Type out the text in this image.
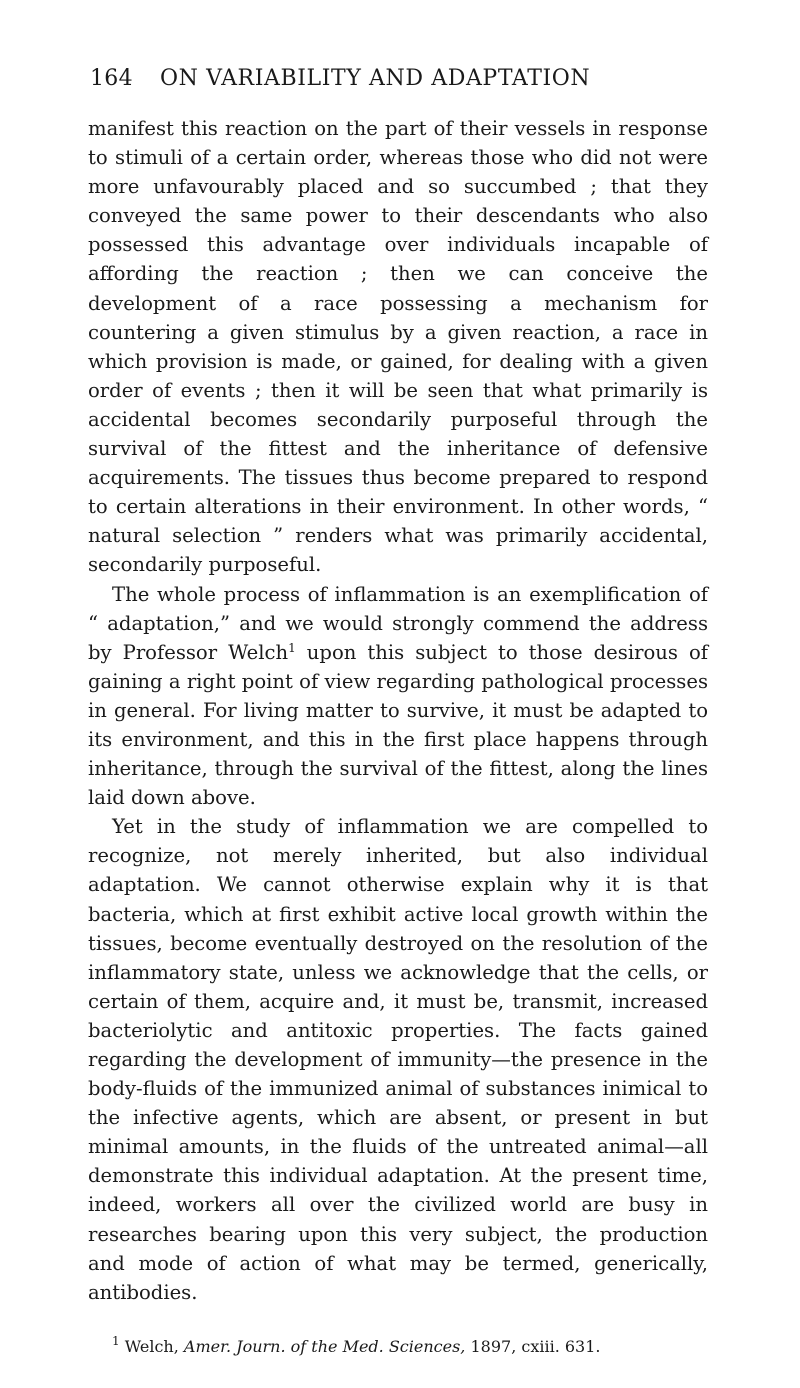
164 ON VARIABILITY AND ADAPTATION

manifest this reaction on the part of their vessels in response to stimuli of a certain order, whereas those who did not were more unfavourably placed and so succumbed ; that they conveyed the same power to their descendants who also possessed this advantage over individuals incapable of affording the reaction ; then we can conceive the development of a race possessing a mechanism for countering a given stimulus by a given reaction, a race in which provision is made, or gained, for dealing with a given order of events ; then it will be seen that what primarily is accidental becomes secondarily purposeful through the survival of the fittest and the inheritance of defensive acquirements. The tissues thus become prepared to respond to certain alterations in their environment. In other words, “ natural selection ” renders what was primarily accidental, secondarily purposeful.

The whole process of inflammation is an exemplification of “ adaptation,” and we would strongly commend the address by Professor Welch$^1$ upon this subject to those desirous of gaining a right point of view regarding pathological processes in general. For living matter to survive, it must be adapted to its environment, and this in the first place happens through inheritance, through the survival of the fittest, along the lines laid down above.

Yet in the study of inflammation we are compelled to recognize, not merely inherited, but also individual adaptation. We cannot otherwise explain why it is that bacteria, which at first exhibit active local growth within the tissues, become eventually destroyed on the resolution of the inflammatory state, unless we acknowledge that the cells, or certain of them, acquire and, it must be, transmit, increased bacteriolytic and antitoxic properties. The facts gained regarding the development of immunity—the presence in the body-fluids of the immunized animal of substances inimical to the infective agents, which are absent, or present in but minimal amounts, in the fluids of the untreated animal—all demonstrate this individual adaptation. At the present time, indeed, workers all over the civilized world are busy in researches bearing upon this very subject, the production and mode of action of what may be termed, generically, antibodies.

$^1$ Welch, Amer. Journ. of the Med. Sciences, 1897, cxiii. 631.
